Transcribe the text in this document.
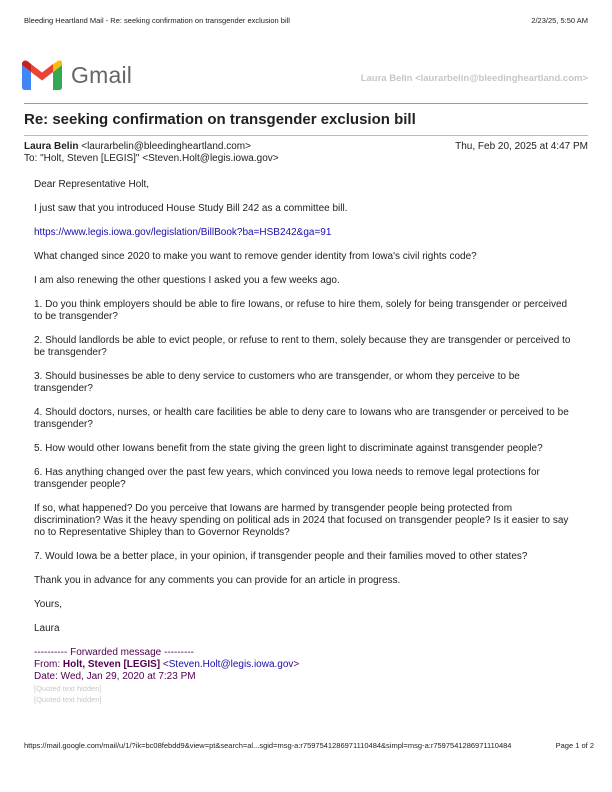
Bleeding Heartland Mail - Re: seeking confirmation on transgender exclusion bill	2/23/25, 5:50 AM
Gmail	Laura Belin <laurarbelin@bleedingheartland.com>
Re: seeking confirmation on transgender exclusion bill
Laura Belin <laurarbelin@bleedingheartland.com>	Thu, Feb 20, 2025 at 4:47 PM
To: "Holt, Steven [LEGIS]" <Steven.Holt@legis.iowa.gov>

Dear Representative Holt,

I just saw that you introduced House Study Bill 242 as a committee bill.

https://www.legis.iowa.gov/legislation/BillBook?ba=HSB242&ga=91

What changed since 2020 to make you want to remove gender identity from Iowa's civil rights code?

I am also renewing the other questions I asked you a few weeks ago.

1. Do you think employers should be able to fire Iowans, or refuse to hire them, solely for being transgender or perceived to be transgender?

2. Should landlords be able to evict people, or refuse to rent to them, solely because they are transgender or perceived to be transgender?

3. Should businesses be able to deny service to customers who are transgender, or whom they perceive to be transgender?

4. Should doctors, nurses, or health care facilities be able to deny care to Iowans who are transgender or perceived to be transgender?

5. How would other Iowans benefit from the state giving the green light to discriminate against transgender people?

6. Has anything changed over the past few years, which convinced you Iowa needs to remove legal protections for transgender people?

If so, what happened? Do you perceive that Iowans are harmed by transgender people being protected from discrimination? Was it the heavy spending on political ads in 2024 that focused on transgender people? Is it easier to say no to Representative Shipley than to Governor Reynolds?

7. Would Iowa be a better place, in your opinion, if transgender people and their families moved to other states?

Thank you in advance for any comments you can provide for an article in progress.

Yours,

Laura

---------- Forwarded message ---------
From: Holt, Steven [LEGIS] <Steven.Holt@legis.iowa.gov>
Date: Wed, Jan 29, 2020 at 7:23 PM
[Quoted text hidden]
[Quoted text hidden]
https://mail.google.com/mail/u/1/?ik=bc08febdd9&view=pt&search=al...sgid=msg-a:r7597541286971110484&simpl=msg-a:r7597541286971110484	Page 1 of 2
